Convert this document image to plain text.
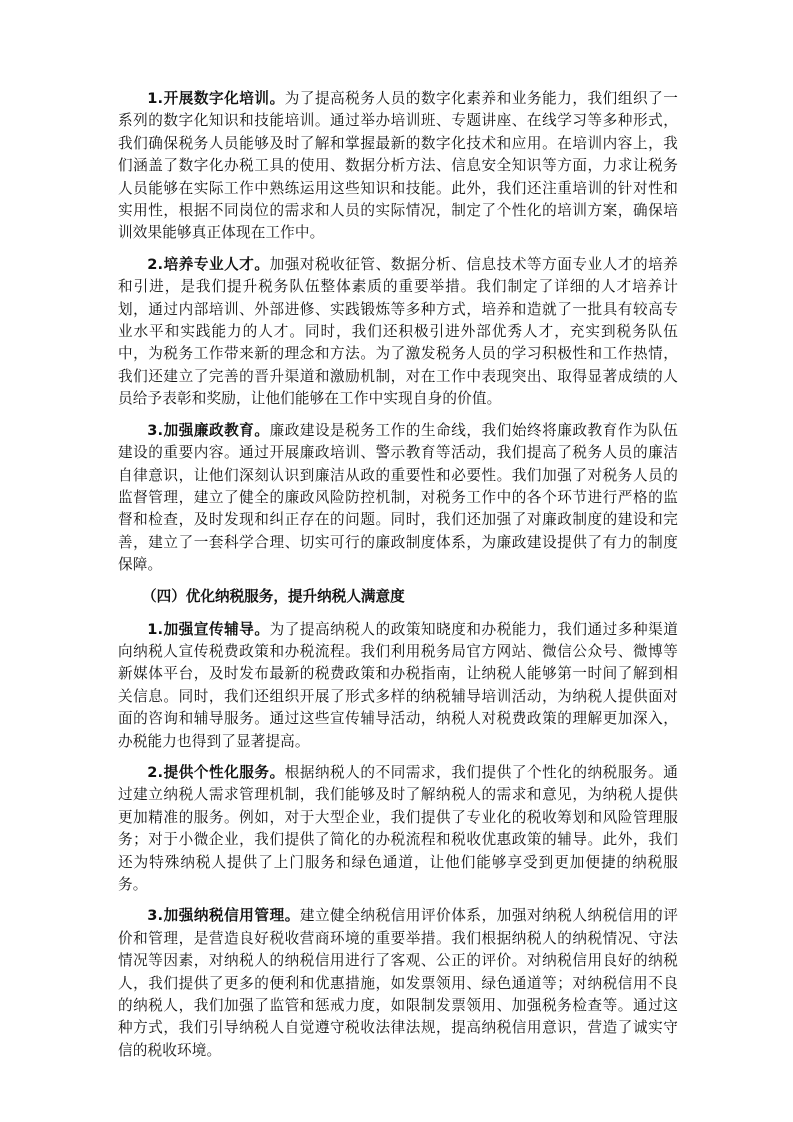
1.开展数字化培训。为了提高税务人员的数字化素养和业务能力，我们组织了一系列的数字化知识和技能培训。通过举办培训班、专题讲座、在线学习等多种形式，我们确保税务人员能够及时了解和掌握最新的数字化技术和应用。在培训内容上，我们涵盖了数字化办税工具的使用、数据分析方法、信息安全知识等方面，力求让税务人员能够在实际工作中熟练运用这些知识和技能。此外，我们还注重培训的针对性和实用性，根据不同岗位的需求和人员的实际情况，制定了个性化的培训方案，确保培训效果能够真正体现在工作中。

2.培养专业人才。加强对税收征管、数据分析、信息技术等方面专业人才的培养和引进，是我们提升税务队伍整体素质的重要举措。我们制定了详细的人才培养计划，通过内部培训、外部进修、实践锻炼等多种方式，培养和造就了一批具有较高专业水平和实践能力的人才。同时，我们还积极引进外部优秀人才，充实到税务队伍中，为税务工作带来新的理念和方法。为了激发税务人员的学习积极性和工作热情，我们还建立了完善的晋升渠道和激励机制，对在工作中表现突出、取得显著成绩的人员给予表彰和奖励，让他们能够在工作中实现自身的价值。

3.加强廉政教育。廉政建设是税务工作的生命线，我们始终将廉政教育作为队伍建设的重要内容。通过开展廉政培训、警示教育等活动，我们提高了税务人员的廉洁自律意识，让他们深刻认识到廉洁从政的重要性和必要性。我们加强了对税务人员的监督管理，建立了健全的廉政风险防控机制，对税务工作中的各个环节进行严格的监督和检查，及时发现和纠正存在的问题。同时，我们还加强了对廉政制度的建设和完善，建立了一套科学合理、切实可行的廉政制度体系，为廉政建设提供了有力的制度保障。

（四）优化纳税服务，提升纳税人满意度

1.加强宣传辅导。为了提高纳税人的政策知晓度和办税能力，我们通过多种渠道向纳税人宣传税费政策和办税流程。我们利用税务局官方网站、微信公众号、微博等新媒体平台，及时发布最新的税费政策和办税指南，让纳税人能够第一时间了解到相关信息。同时，我们还组织开展了形式多样的纳税辅导培训活动，为纳税人提供面对面的咨询和辅导服务。通过这些宣传辅导活动，纳税人对税费政策的理解更加深入，办税能力也得到了显著提高。

2.提供个性化服务。根据纳税人的不同需求，我们提供了个性化的纳税服务。通过建立纳税人需求管理机制，我们能够及时了解纳税人的需求和意见，为纳税人提供更加精准的服务。例如，对于大型企业，我们提供了专业化的税收筹划和风险管理服务；对于小微企业，我们提供了简化的办税流程和税收优惠政策的辅导。此外，我们还为特殊纳税人提供了上门服务和绿色通道，让他们能够享受到更加便捷的纳税服务。

3.加强纳税信用管理。建立健全纳税信用评价体系，加强对纳税人纳税信用的评价和管理，是营造良好税收营商环境的重要举措。我们根据纳税人的纳税情况、守法情况等因素，对纳税人的纳税信用进行了客观、公正的评价。对纳税信用良好的纳税人，我们提供了更多的便利和优惠措施，如发票领用、绿色通道等；对纳税信用不良的纳税人，我们加强了监管和惩戒力度，如限制发票领用、加强税务检查等。通过这种方式，我们引导纳税人自觉遵守税收法律法规，提高纳税信用意识，营造了诚实守信的税收环境。
